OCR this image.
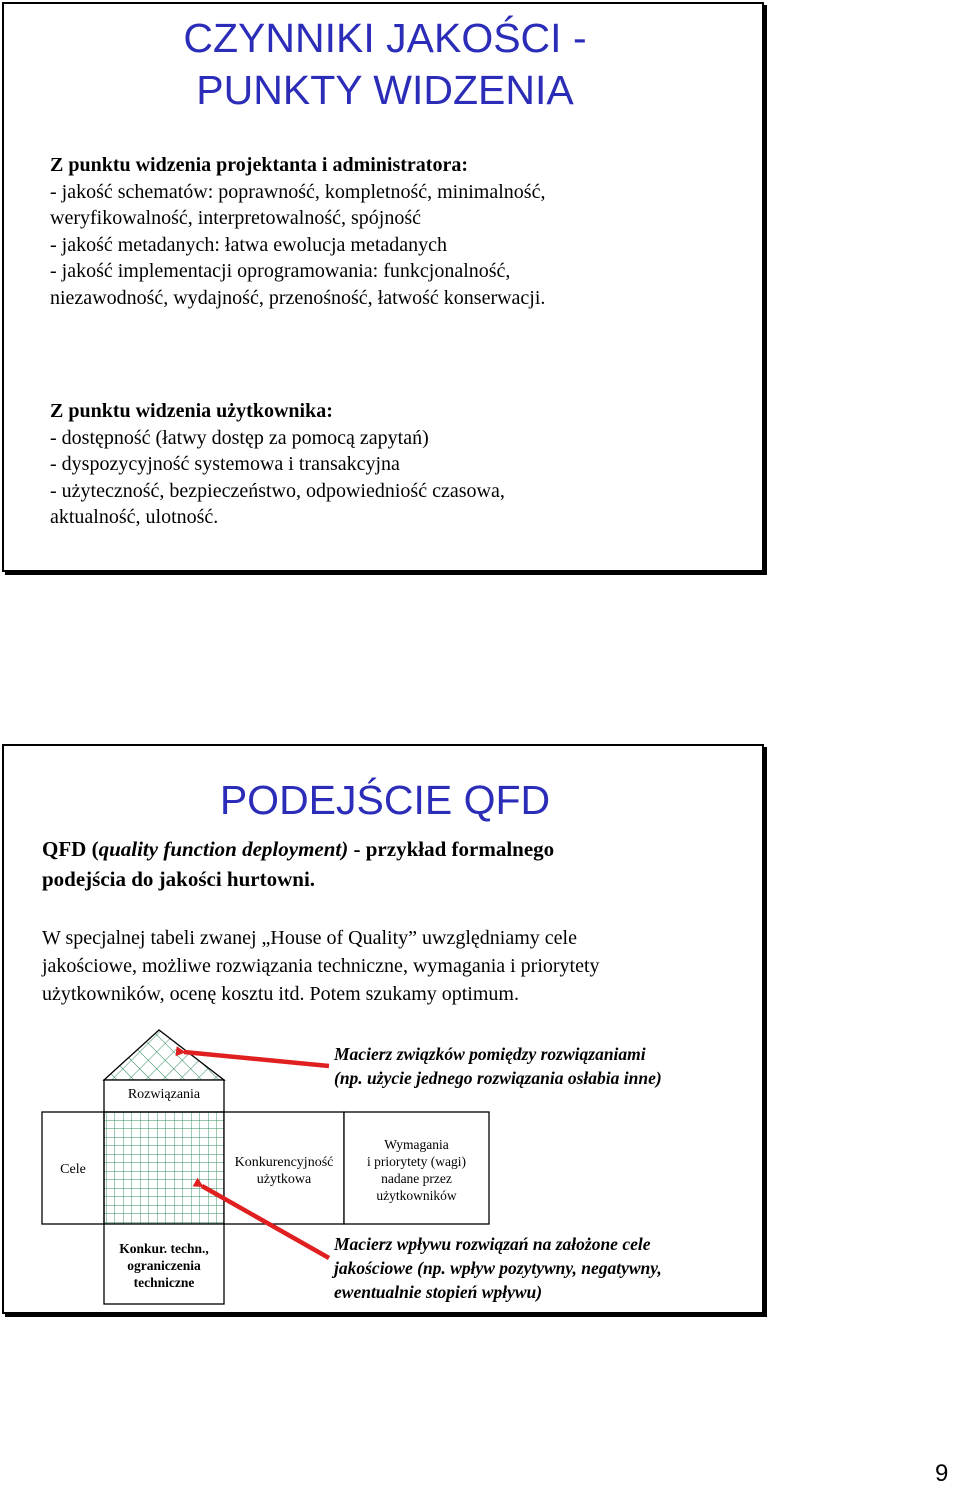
CZYNNIKI JAKOŚCI -
PUNKTY WIDZENIA
Z punktu widzenia projektanta i administratora:
- jakość schematów: poprawność, kompletność, minimalność,
weryfikowalność, interpretowalność, spójność
- jakość metadanych: łatwa ewolucja metadanych
- jakość implementacji oprogramowania: funkcjonalność,
niezawodność, wydajność, przenośność, łatwość konserwacji.
Z punktu widzenia użytkownika:
- dostępność (łatwy dostęp za pomocą zapytań)
- dyspozycyjność systemowa i transakcyjna
- użyteczność, bezpieczeństwo, odpowiedniość czasowa,
aktualność, ulotność.
PODEJŚCIE QFD
QFD (quality function deployment) - przykład formalnego
podejścia do jakości hurtowni.
W specjalnej tabeli zwanej „House of Quality” uwzględniamy cele
jakościowe, możliwe rozwiązania techniczne, wymagania i priorytety
użytkowników, ocenę kosztu itd. Potem szukamy optimum.
Rozwiązania
Cele	Konkurencyjność
użytkowa
Wymagania
i priorytety (wagi)
nadane przez
użytkowników
Konkur. techn.,
ograniczenia
techniczne
Macierz związków pomiędzy rozwiązaniami
(np. użycie jednego rozwiązania osłabia inne)
Macierz wpływu rozwiązań na założone cele
jakościowe (np. wpływ pozytywny, negatywny,
ewentualnie stopień wpływu)
9
